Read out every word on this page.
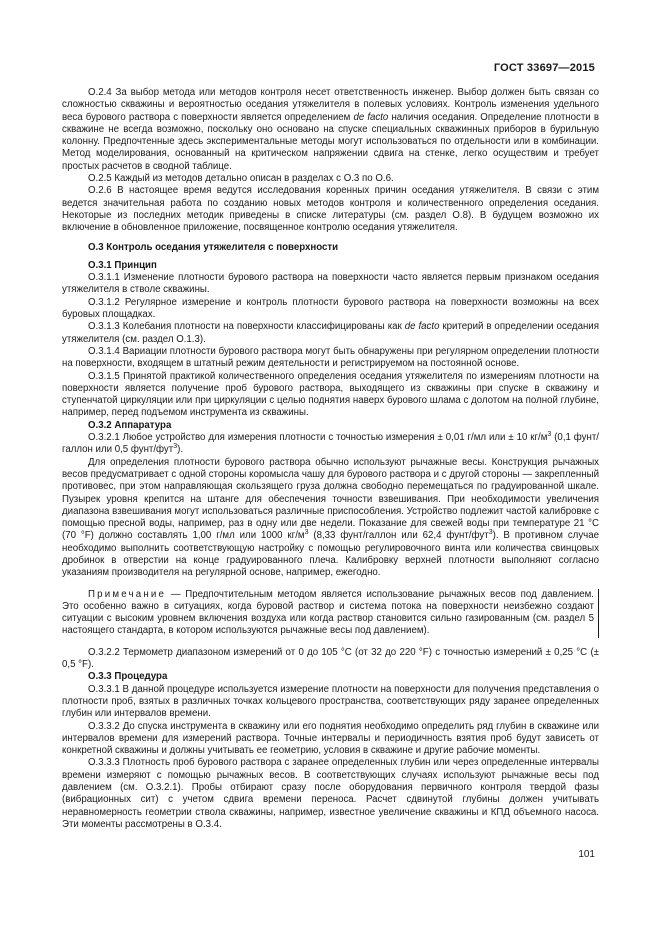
ГОСТ 33697—2015

О.2.4 За выбор метода или методов контроля несет ответственность инженер. Выбор должен быть связан со сложностью скважины и вероятностью оседания утяжелителя в полевых условиях. Контроль изменения удельного веса бурового раствора с поверхности является определением de facto наличия оседания. Определение плотности в скважине не всегда возможно, поскольку оно основано на спуске специальных скважинных приборов в бурильную колонну. Предпочтенные здесь экспериментальные методы могут использоваться по отдельности или в комбинации. Метод моделирования, основанный на критическом напряжении сдвига на стенке, легко осуществим и требует простых расчетов в сводной таблице.

О.2.5 Каждый из методов детально описан в разделах с О.3 по О.6.

О.2.6 В настоящее время ведутся исследования коренных причин оседания утяжелителя. В связи с этим ведется значительная работа по созданию новых методов контроля и количественного определения оседания. Некоторые из последних методик приведены в списке литературы (см. раздел О.8). В будущем возможно их включение в обновленное приложение, посвященное контролю оседания утяжелителя.

О.3 Контроль оседания утяжелителя с поверхности
О.3.1 Принцип

О.3.1.1 Изменение плотности бурового раствора на поверхности часто является первым признаком оседания утяжелителя в стволе скважины.

О.3.1.2 Регулярное измерение и контроль плотности бурового раствора на поверхности возможны на всех буровых площадках.

О.3.1.3 Колебания плотности на поверхности классифицированы как de facto критерий в определении оседания утяжелителя (см. раздел О.1.3).

О.3.1.4 Вариации плотности бурового раствора могут быть обнаружены при регулярном определении плотности на поверхности, входящем в штатный режим деятельности и регистрируемом на постоянной основе.

О.3.1.5 Принятой практикой количественного определения оседания утяжелителя по измерениям плотности на поверхности является получение проб бурового раствора, выходящего из скважины при спуске в скважину и ступенчатой циркуляции или при циркуляции с целью поднятия наверх бурового шлама с долотом на полной глубине, например, перед подъемом инструмента из скважины.

О.3.2 Аппаратура

О.3.2.1 Любое устройство для измерения плотности с точностью измерения ± 0,01 г/мл или ± 10 $кг/м^3$ (0,1 фунт/галлон или 0,5 фунт/фут$^3$).

Для определения плотности бурового раствора обычно используют рычажные весы. Конструкция рычажных весов предусматривает с одной стороны коромысла чашу для бурового раствора и с другой стороны — закрепленный противовес, при этом направляющая скользящего груза должна свободно перемещаться по градуированной шкале. Пузырек уровня крепится на штанге для обеспечения точности взвешивания. При необходимости увеличения диапазона взвешивания могут использоваться различные приспособления. Устройство подлежит частой калибровке с помощью пресной воды, например, раз в одну или две недели. Показание для свежей воды при температуре 21 °С (70 °F) должно составлять 1,00 г/мл или 1000 $кг/м^3$ (8,33 фунт/галлон или 62,4 фунт/фут$^3$). В противном случае необходимо выполнить соответствующую настройку с помощью регулировочного винта или количества свинцовых дробинок в отверстии на конце градуированного плеча. Калибровку верхней плотности выполняют согласно указаниям производителя на регулярной основе, например, ежегодно.

Примечание — Предпочтительным методом является использование рычажных весов под давлением. Это особенно важно в ситуациях, когда буровой раствор и система потока на поверхности неизбежно создают ситуации с высоким уровнем включения воздуха или когда раствор становится сильно газированным (см. раздел 5 настоящего стандарта, в котором используются рычажные весы под давлением).

О.3.2.2 Термометр диапазоном измерений от 0 до 105 °С (от 32 до 220 °F) с точностью измерений ± 0,25 °С (± 0,5 °F).

О.3.3 Процедура

О.3.3.1 В данной процедуре используется измерение плотности на поверхности для получения представления о плотности проб, взятых в различных точках кольцевого пространства, соответствующих ряду заранее определенных глубин или интервалов времени.

О.3.3.2 До спуска инструмента в скважину или его поднятия необходимо определить ряд глубин в скважине или интервалов времени для измерений раствора. Точные интервалы и периодичность взятия проб будут зависеть от конкретной скважины и должны учитывать ее геометрию, условия в скважине и другие рабочие моменты.

О.3.3.3 Плотность проб бурового раствора с заранее определенных глубин или через определенные интервалы времени измеряют с помощью рычажных весов. В соответствующих случаях используют рычажные весы под давлением (см. О.3.2.1). Пробы отбирают сразу после оборудования первичного контроля твердой фазы (вибрационных сит) с учетом сдвига времени переноса. Расчет сдвинутой глубины должен учитывать неравномерность геометрии ствола скважины, например, известное увеличение скважины и КПД объемного насоса. Эти моменты рассмотрены в О.3.4.

101
